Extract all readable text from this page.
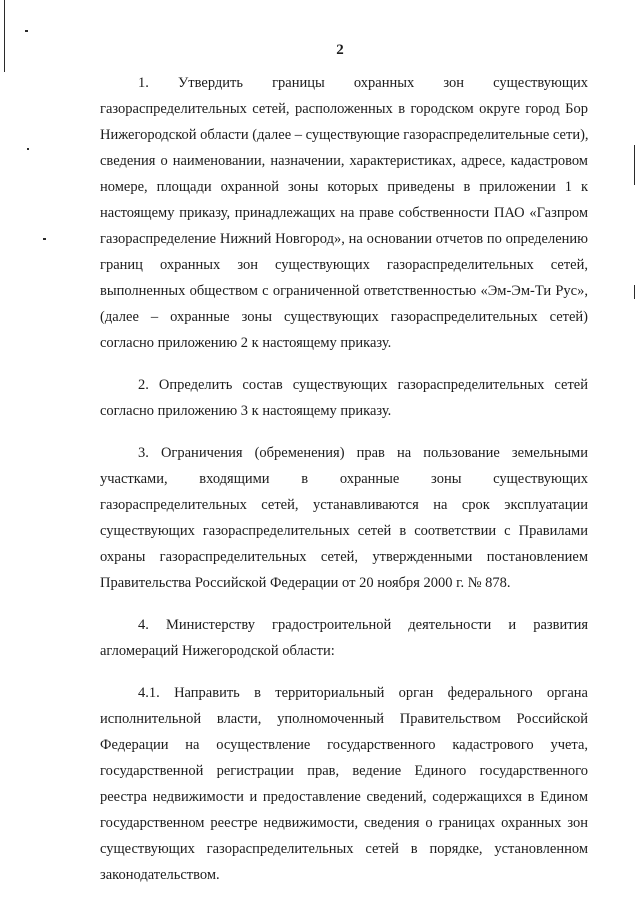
2

1. Утвердить границы охранных зон существующих
газораспределительных сетей, расположенных в городском округе город Бор
Нижегородской области (далее – существующие газораспределительные сети),
сведения о наименовании, назначении, характеристиках, адресе, кадастровом
номере, площади охранной зоны которых приведены в приложении 1 к
настоящему приказу, принадлежащих на праве собственности ПАО «Газпром
газораспределение Нижний Новгород», на основании отчетов по определению
границ охранных зон существующих газораспределительных сетей,
выполненных обществом с ограниченной ответственностью «Эм-Эм-Ти Рус»,
(далее – охранные зоны существующих газораспределительных сетей)
согласно приложению 2 к настоящему приказу.

2. Определить состав существующих газораспределительных сетей
согласно приложению 3 к настоящему приказу.

3. Ограничения (обременения) прав на пользование земельными
участками, входящими в охранные зоны существующих
газораспределительных сетей, устанавливаются на срок эксплуатации
существующих газораспределительных сетей в соответствии с Правилами
охраны газораспределительных сетей, утвержденными постановлением
Правительства Российской Федерации от 20 ноября 2000 г. № 878.

4. Министерству градостроительной деятельности и развития
агломераций Нижегородской области:

4.1. Направить в территориальный орган федерального органа
исполнительной власти, уполномоченный Правительством Российской
Федерации на осуществление государственного кадастрового учета,
государственной регистрации прав, ведение Единого государственного
реестра недвижимости и предоставление сведений, содержащихся в Едином
государственном реестре недвижимости, сведения о границах охранных зон
существующих газораспределительных сетей в порядке, установленном
законодательством.
